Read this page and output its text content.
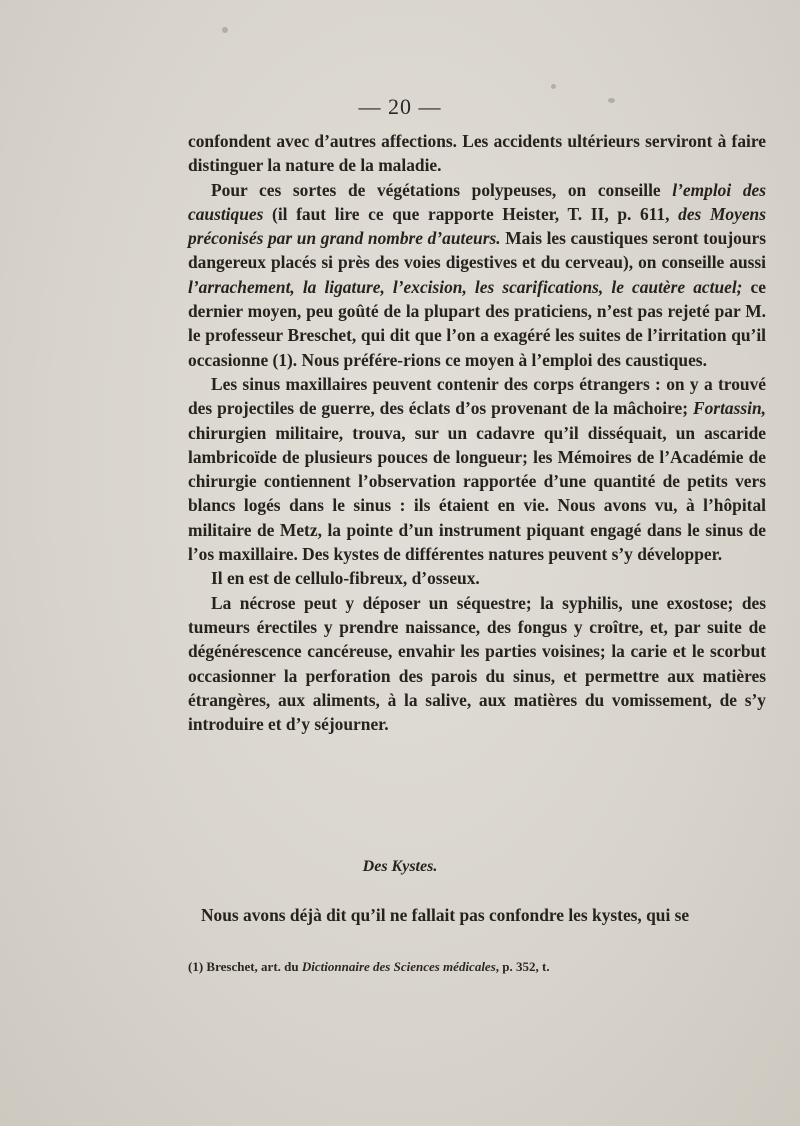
— 20 —

confondent avec d’autres affections. Les accidents ultérieurs serviront à faire distinguer la nature de la maladie.

Pour ces sortes de végétations polypeuses, on conseille l’emploi des caustiques (il faut lire ce que rapporte Heister, T. II, p. 611, des Moyens préconisés par un grand nombre d’auteurs. Mais les caustiques seront toujours dangereux placés si près des voies digestives et du cerveau), on conseille aussi l’arrachement, la ligature, l’excision, les scarifications, le cautère actuel; ce dernier moyen, peu goûté de la plupart des praticiens, n’est pas rejeté par M. le professeur Breschet, qui dit que l’on a exagéré les suites de l’irritation qu’il occasionne (1). Nous préfére-rions ce moyen à l’emploi des caustiques.

Les sinus maxillaires peuvent contenir des corps étrangers : on y a trouvé des projectiles de guerre, des éclats d’os provenant de la mâchoire; Fortassin, chirurgien militaire, trouva, sur un cadavre qu’il disséquait, un ascaride lambricoïde de plusieurs pouces de longueur; les Mémoires de l’Académie de chirurgie contiennent l’observation rapportée d’une quantité de petits vers blancs logés dans le sinus : ils étaient en vie. Nous avons vu, à l’hôpital militaire de Metz, la pointe d’un instrument piquant engagé dans le sinus de l’os maxillaire. Des kystes de différentes natures peuvent s’y développer.

Il en est de cellulo-fibreux, d’osseux.

La nécrose peut y déposer un séquestre; la syphilis, une exostose; des tumeurs érectiles y prendre naissance, des fongus y croître, et, par suite de dégénérescence cancéreuse, envahir les parties voisines; la carie et le scorbut occasionner la perforation des parois du sinus, et permettre aux matières étrangères, aux aliments, à la salive, aux matières du vomissement, de s’y introduire et d’y séjourner.

Des Kystes.
Nous avons déjà dit qu’il ne fallait pas confondre les kystes, qui se
(1) Breschet, art. du Dictionnaire des Sciences médicales, p. 352, t.
